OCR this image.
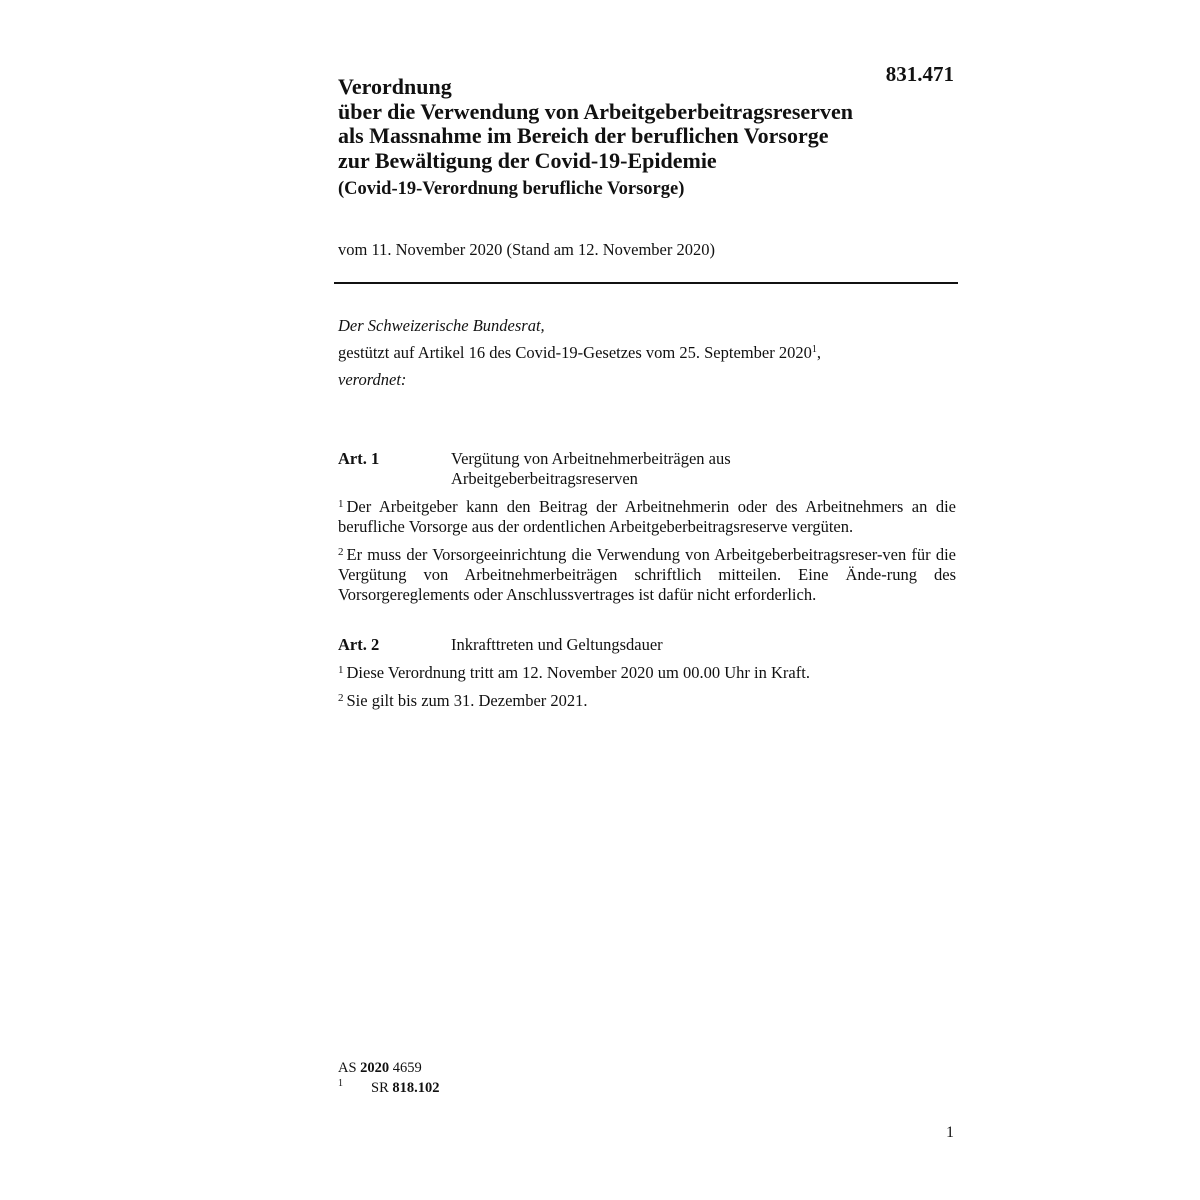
831.471
Verordnung
über die Verwendung von Arbeitgeberbeitragsreserven
als Massnahme im Bereich der beruflichen Vorsorge
zur Bewältigung der Covid-19-Epidemie
(Covid-19-Verordnung berufliche Vorsorge)
vom 11. November 2020 (Stand am 12. November 2020)
Der Schweizerische Bundesrat,
gestützt auf Artikel 16 des Covid-19-Gesetzes vom 25. September 2020$^1$,
verordnet:
Art. 1	Vergütung von Arbeitnehmerbeiträgen aus
Arbeitgeberbeitragsreserven
$^1$ Der Arbeitgeber kann den Beitrag der Arbeitnehmerin oder des Arbeitnehmers an die berufliche Vorsorge aus der ordentlichen Arbeitgeberbeitragsreserve vergüten.
$^2$ Er muss der Vorsorgeeinrichtung die Verwendung von Arbeitgeberbeitragsreser-ven für die Vergütung von Arbeitnehmerbeiträgen schriftlich mitteilen. Eine Ände-rung des Vorsorgereglements oder Anschlussvertrages ist dafür nicht erforderlich.
Art. 2	Inkrafttreten und Geltungsdauer
$^1$ Diese Verordnung tritt am 12. November 2020 um 00.00 Uhr in Kraft.
$^2$ Sie gilt bis zum 31. Dezember 2021.
AS 2020 4659
1	SR 818.102
1
